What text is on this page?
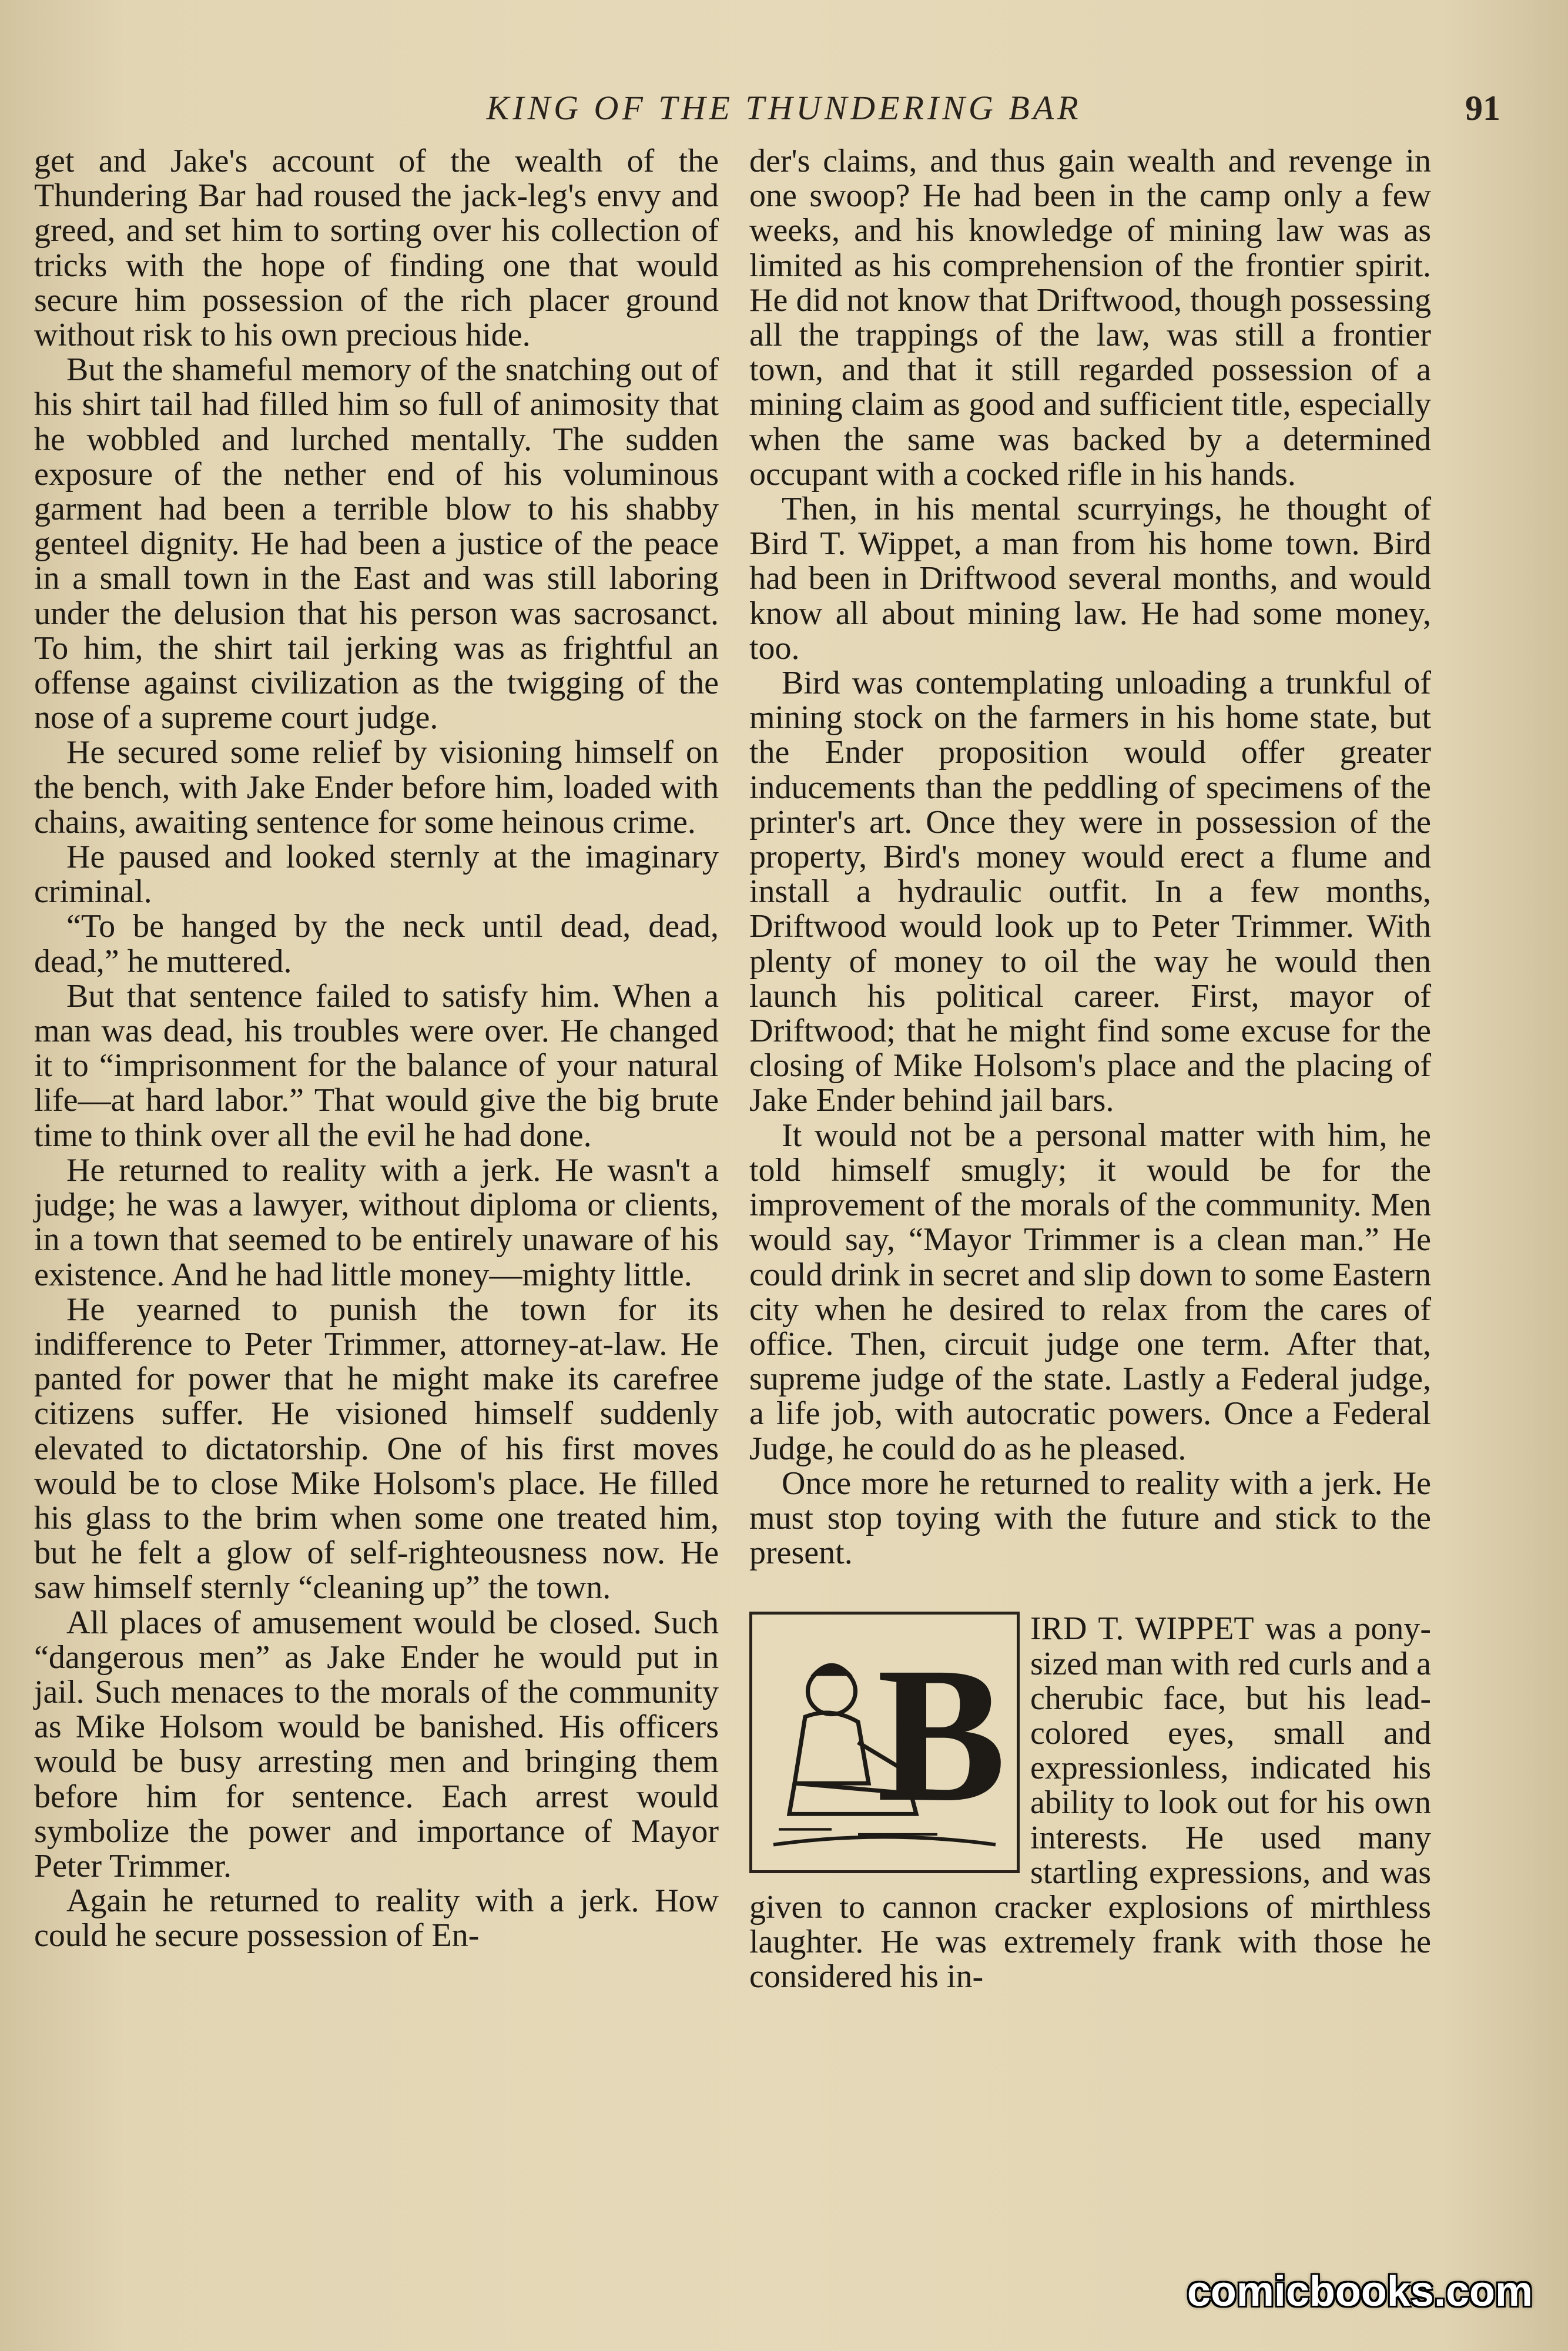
KING OF THE THUNDERING BAR	91

get and Jake's account of the wealth of the Thundering Bar had roused the jack-leg's envy and greed, and set him to sorting over his collection of tricks with the hope of finding one that would secure him possession of the rich placer ground without risk to his own precious hide.

But the shameful memory of the snatching out of his shirt tail had filled him so full of animosity that he wobbled and lurched mentally. The sudden exposure of the nether end of his voluminous garment had been a terrible blow to his shabby genteel dignity. He had been a justice of the peace in a small town in the East and was still laboring under the delusion that his person was sacrosanct. To him, the shirt tail jerking was as frightful an offense against civilization as the twigging of the nose of a supreme court judge.

He secured some relief by visioning himself on the bench, with Jake Ender before him, loaded with chains, awaiting sentence for some heinous crime.

He paused and looked sternly at the imaginary criminal.

“To be hanged by the neck until dead, dead, dead,” he muttered.

But that sentence failed to satisfy him. When a man was dead, his troubles were over. He changed it to “imprisonment for the balance of your natural life—at hard labor.” That would give the big brute time to think over all the evil he had done.

He returned to reality with a jerk. He wasn't a judge; he was a lawyer, without diploma or clients, in a town that seemed to be entirely unaware of his existence. And he had little money—mighty little.

He yearned to punish the town for its indifference to Peter Trimmer, attorney-at-law. He panted for power that he might make its carefree citizens suffer. He visioned himself suddenly elevated to dictatorship. One of his first moves would be to close Mike Holsom's place. He filled his glass to the brim when some one treated him, but he felt a glow of self-righteousness now. He saw himself sternly “cleaning up” the town.

All places of amusement would be closed. Such “dangerous men” as Jake Ender he would put in jail. Such menaces to the morals of the community as Mike Holsom would be banished. His officers would be busy arresting men and bringing them before him for sentence. Each arrest would symbolize the power and importance of Mayor Peter Trimmer.

Again he returned to reality with a jerk. How could he secure possession of En-

der's claims, and thus gain wealth and revenge in one swoop? He had been in the camp only a few weeks, and his knowledge of mining law was as limited as his comprehension of the frontier spirit. He did not know that Driftwood, though possessing all the trappings of the law, was still a frontier town, and that it still regarded possession of a mining claim as good and sufficient title, especially when the same was backed by a determined occupant with a cocked rifle in his hands.

Then, in his mental scurryings, he thought of Bird T. Wippet, a man from his home town. Bird had been in Driftwood several months, and would know all about mining law. He had some money, too.

Bird was contemplating unloading a trunkful of mining stock on the farmers in his home state, but the Ender proposition would offer greater inducements than the peddling of specimens of the printer's art. Once they were in possession of the property, Bird's money would erect a flume and install a hydraulic outfit. In a few months, Driftwood would look up to Peter Trimmer. With plenty of money to oil the way he would then launch his political career. First, mayor of Driftwood; that he might find some excuse for the closing of Mike Holsom's place and the placing of Jake Ender behind jail bars.

It would not be a personal matter with him, he told himself smugly; it would be for the improvement of the morals of the community. Men would say, “Mayor Trimmer is a clean man.” He could drink in secret and slip down to some Eastern city when he desired to relax from the cares of office. Then, circuit judge one term. After that, supreme judge of the state. Lastly a Federal judge, a life job, with autocratic powers. Once a Federal Judge, he could do as he pleased.

Once more he returned to reality with a jerk. He must stop toying with the future and stick to the present.

B IRD T. WIPPET was a pony-sized man with red curls and a cherubic face, but his lead-colored eyes, small and expressionless, indicated his ability to look out for his own interests. He used many startling expressions, and was given to cannon cracker explosions of mirthless laughter. He was extremely frank with those he considered his in-

comicbooks.com
